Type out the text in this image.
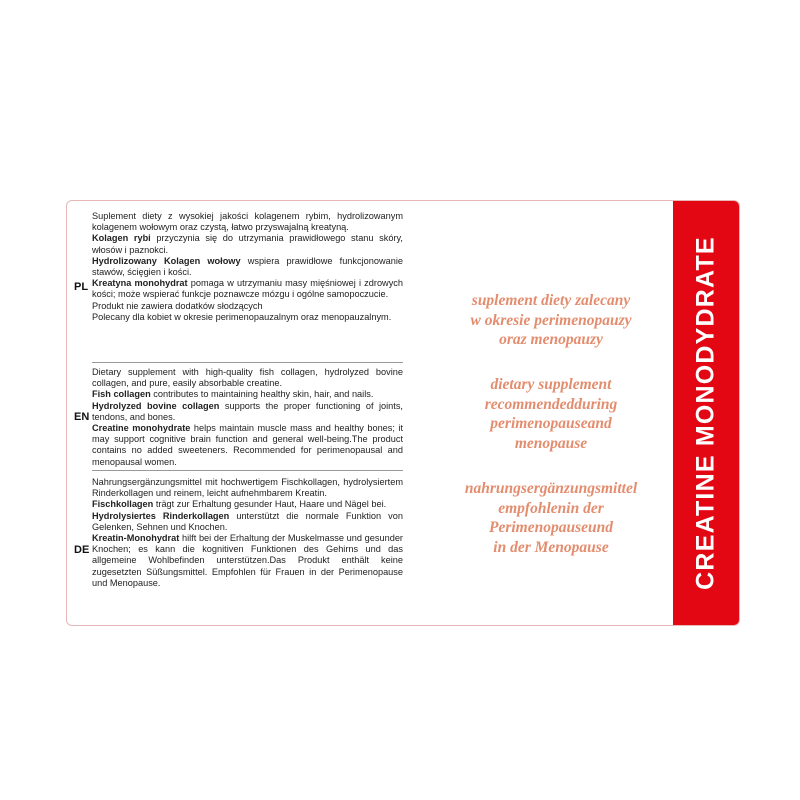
Suplement diety z wysokiej jakości kolagenem rybim, hydrolizowanym kolagenem wołowym oraz czystą, łatwo przyswajalną kreatyną.

Kolagen rybi przyczynia się do utrzymania prawidłowego stanu skóry, włosów i paznokci.

Hydrolizowany Kolagen wołowy wspiera prawidłowe funkcjonowanie stawów, ścięgien i kości.

Kreatyna monohydrat pomaga w utrzymaniu masy mięśniowej i zdrowych kości; może wspierać funkcje poznawcze mózgu i ogólne samopoczucie.

Produkt nie zawiera dodatków słodzących

Polecany dla kobiet w okresie perimenopauzalnym oraz menopauzalnym.

PL

Dietary supplement with high-quality fish collagen, hydrolyzed bovine collagen, and pure, easily absorbable creatine.

Fish collagen contributes to maintaining healthy skin, hair, and nails.

Hydrolyzed bovine collagen supports the proper functioning of joints, tendons, and bones.

Creatine monohydrate helps maintain muscle mass and healthy bones; it may support cognitive brain function and general well-being.The product contains no added sweeteners. Recommended for perimenopausal and menopausal women.

EN

Nahrungsergänzungsmittel mit hochwertigem Fischkollagen, hydrolysiertem Rinderkollagen und reinem, leicht aufnehmbarem Kreatin.

Fischkollagen trägt zur Erhaltung gesunder Haut, Haare und Nägel bei.

Hydrolysiertes Rinderkollagen unterstützt die normale Funktion von Gelenken, Sehnen und Knochen.

Kreatin-Monohydrat hilft bei der Erhaltung der Muskelmasse und gesunder Knochen; es kann die kognitiven Funktionen des Gehirns und das allgemeine Wohlbefinden unterstützen.Das Produkt enthält keine zugesetzten Süßungsmittel. Empfohlen für Frauen in der Perimenopause und Menopause.

DE

suplement diety zalecany

w okresie perimenopauzy

oraz menopauzy

dietary supplement

recommendedduring

perimenopauseand

menopause

nahrungsergänzungsmittel

empfohlenin der

Perimenopauseund

in der Menopause	CREATINE MONODYDRATE
